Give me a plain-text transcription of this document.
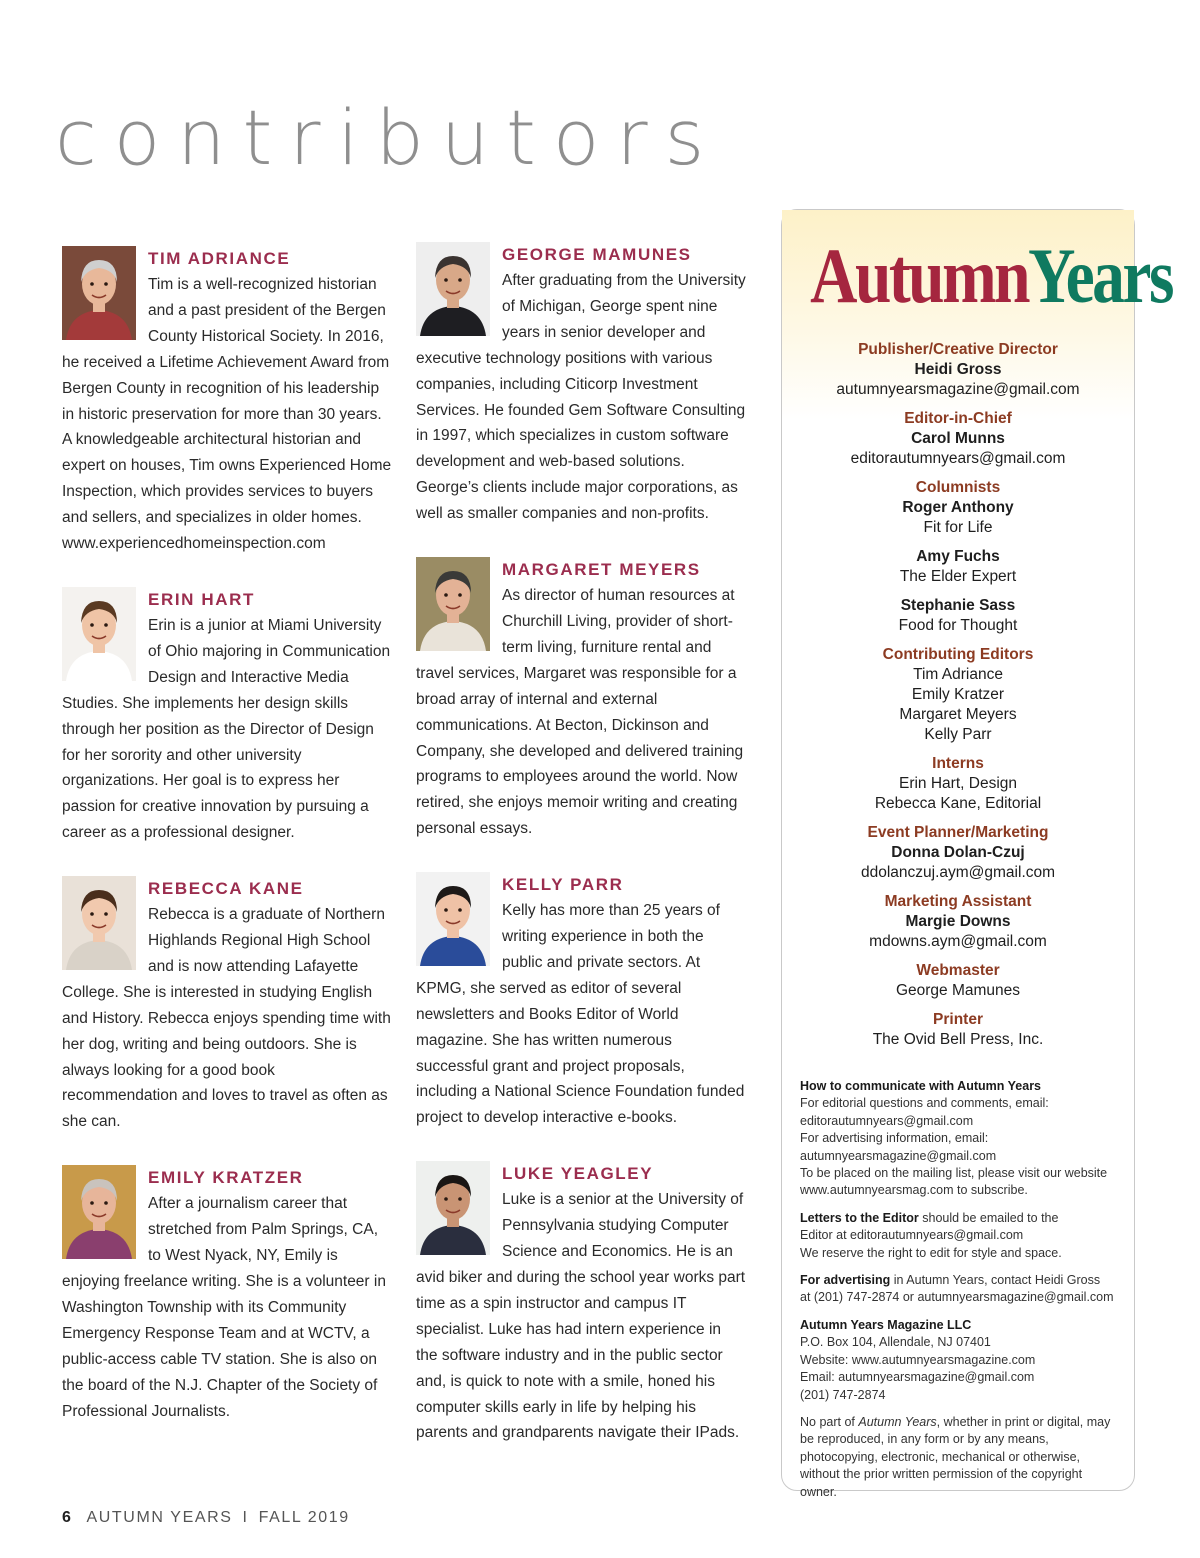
contributors
TIM ADRIANCE
Tim is a well-recognized historian and a past president of the Bergen County Historical Society. In 2016, he received a Lifetime Achievement Award from Bergen County in recognition of his leadership in historic preservation for more than 30 years.
A knowledgeable architectural historian and expert on houses, Tim owns Experienced Home Inspection, which provides services to buyers and sellers, and specializes in older homes.
www.experiencedhomeinspection.com
ERIN HART
Erin is a junior at Miami University of Ohio majoring in Communication Design and Interactive Media Studies. She implements her design skills through her position as the Director of Design for her sorority and other university organizations. Her goal is to express her passion for creative innovation by pursuing a career as a professional designer.
REBECCA KANE
Rebecca is a graduate of Northern Highlands Regional High School and is now attending Lafayette College. She is interested in studying English and History. Rebecca enjoys spending time with her dog, writing and being outdoors. She is always looking for a good book recommendation and loves to travel as often as she can.
EMILY KRATZER
After a journalism career that stretched from Palm Springs, CA, to West Nyack, NY, Emily is enjoying freelance writing. She is a volunteer in Washington Township with its Community Emergency Response Team and at WCTV, a public-access cable TV station. She is also on the board of the N.J. Chapter of the Society of Professional Journalists.
GEORGE MAMUNES
After graduating from the University of Michigan, George spent nine years in senior developer and executive technology positions with various companies, including Citicorp Investment Services. He founded Gem Software Consulting in 1997, which specializes in custom software development and web-based solutions. George’s clients include major corporations, as well as smaller companies and non-profits.
MARGARET MEYERS
As director of human resources at Churchill Living, provider of short-term living, furniture rental and travel services, Margaret was responsible for a broad array of internal and external communications. At Becton, Dickinson and Company, she developed and delivered training programs to employees around the world. Now retired, she enjoys memoir writing and creating personal essays.
KELLY PARR
Kelly has more than 25 years of writing experience in both the public and private sectors. At KPMG, she served as editor of several newsletters and Books Editor of World magazine. She has written numerous successful grant and project proposals, including a National Science Foundation funded project to develop interactive e-books.
LUKE YEAGLEY
Luke is a senior at the University of Pennsylvania studying Computer Science and Economics. He is an avid biker and during the school year works part time as a spin instructor and campus IT specialist. Luke has had intern experience in the software industry and in the public sector and, is quick to note with a smile, honed his computer skills early in life by helping his parents and grandparents navigate their IPads.
AutumnYears
Publisher/Creative Director
Heidi Gross
autumnyearsmagazine@gmail.com
Editor-in-Chief
Carol Munns
editorautumnyears@gmail.com
Columnists
Roger Anthony
Fit for Life
Amy Fuchs
The Elder Expert
Stephanie Sass
Food for Thought
Contributing Editors
Tim Adriance
Emily Kratzer
Margaret Meyers
Kelly Parr
Interns
Erin Hart, Design
Rebecca Kane, Editorial
Event Planner/Marketing
Donna Dolan-Czuj
ddolanczuj.aym@gmail.com
Marketing Assistant
Margie Downs
mdowns.aym@gmail.com
Webmaster
George Mamunes
Printer
The Ovid Bell Press, Inc.
How to communicate with Autumn Years
For editorial questions and comments, email:
editorautumnyears@gmail.com
For advertising information, email:
autumnyearsmagazine@gmail.com
To be placed on the mailing list, please visit our website
www.autumnyearsmag.com to subscribe.
Letters to the Editor should be emailed to the
Editor at editorautumnyears@gmail.com
We reserve the right to edit for style and space.
For advertising in Autumn Years, contact Heidi Gross
at (201) 747-2874 or autumnyearsmagazine@gmail.com
Autumn Years Magazine LLC
P.O. Box 104, Allendale, NJ 07401
Website: www.autumnyearsmagazine.com
Email: autumnyearsmagazine@gmail.com
(201) 747-2874
No part of Autumn Years, whether in print or digital, may be reproduced, in any form or by any means, photocopying, electronic, mechanical or otherwise, without the prior written permission of the copyright owner.
6 AUTUMN YEARS I FALL 2019
